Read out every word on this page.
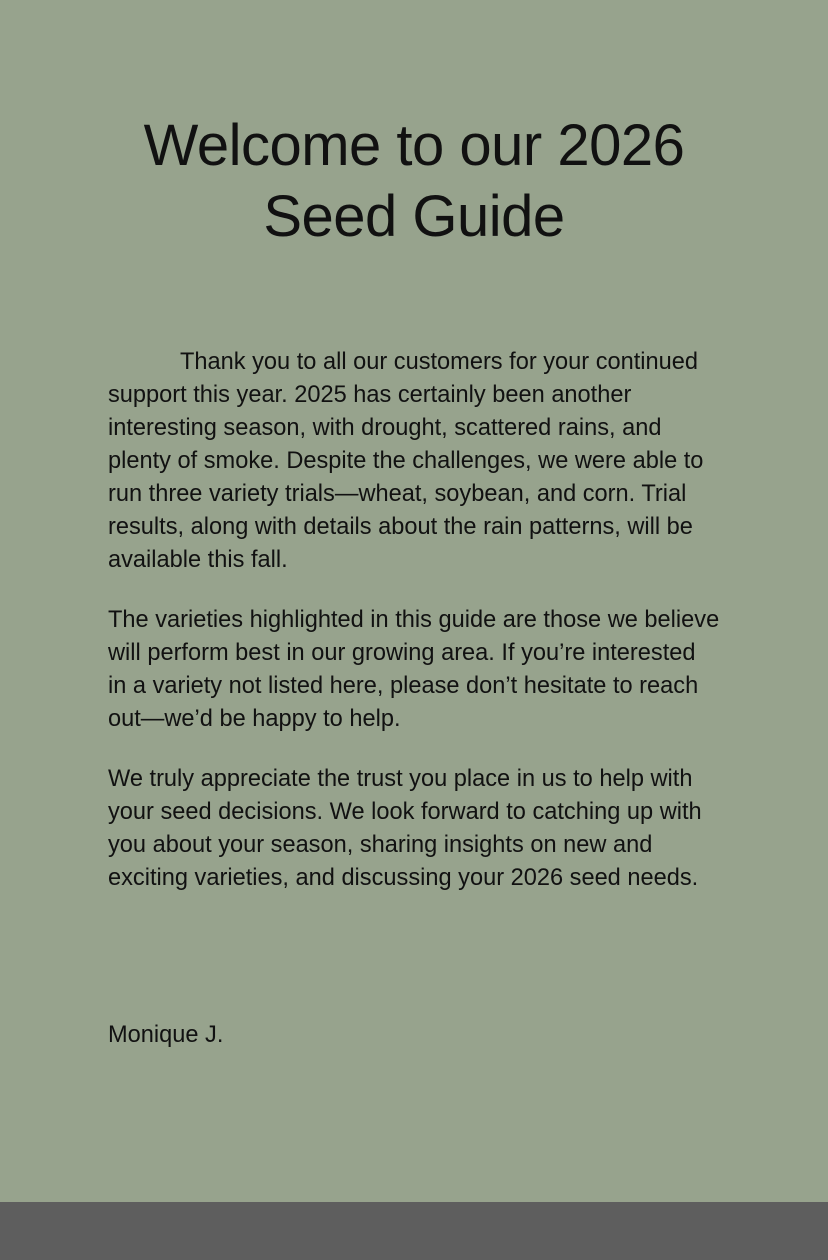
Welcome to our 2026
Seed Guide

Thank you to all our customers for your continued support this year. 2025 has certainly been another interesting season, with drought, scattered rains, and plenty of smoke. Despite the challenges, we were able to run three variety trials—wheat, soybean, and corn. Trial results, along with details about the rain patterns, will be available this fall.

The varieties highlighted in this guide are those we believe will perform best in our growing area. If you’re interested in a variety not listed here, please don’t hesitate to reach out—we’d be happy to help.

We truly appreciate the trust you place in us to help with your seed decisions. We look forward to catching up with you about your season, sharing insights on new and exciting varieties, and discussing your 2026 seed needs.

Monique J.
